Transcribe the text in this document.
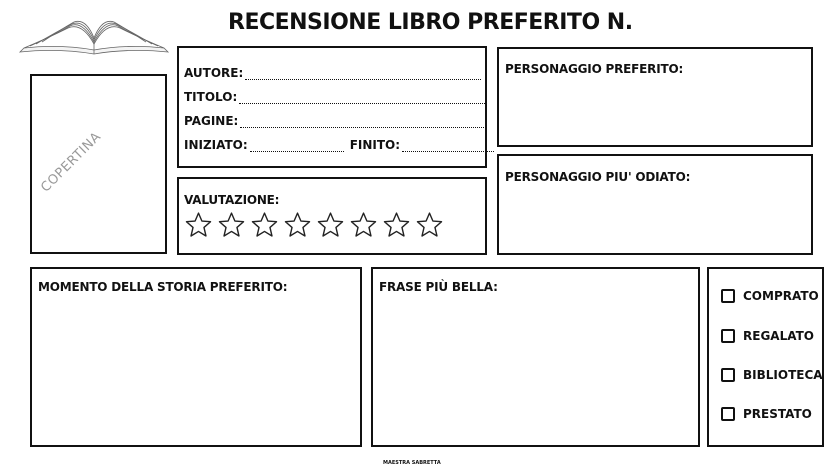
RECENSIONE LIBRO PREFERITO N.
COPERTINA
AUTORE:
TITOLO:
PAGINE:
INIZIATO:	FINITO:
VALUTAZIONE:
PERSONAGGIO PREFERITO:
PERSONAGGIO PIU' ODIATO:
MOMENTO DELLA STORIA PREFERITO:	FRASE PIÙ BELLA:
COMPRATO
REGALATO
BIBLIOTECA
PRESTATO
MAESTRA SABRETTA
